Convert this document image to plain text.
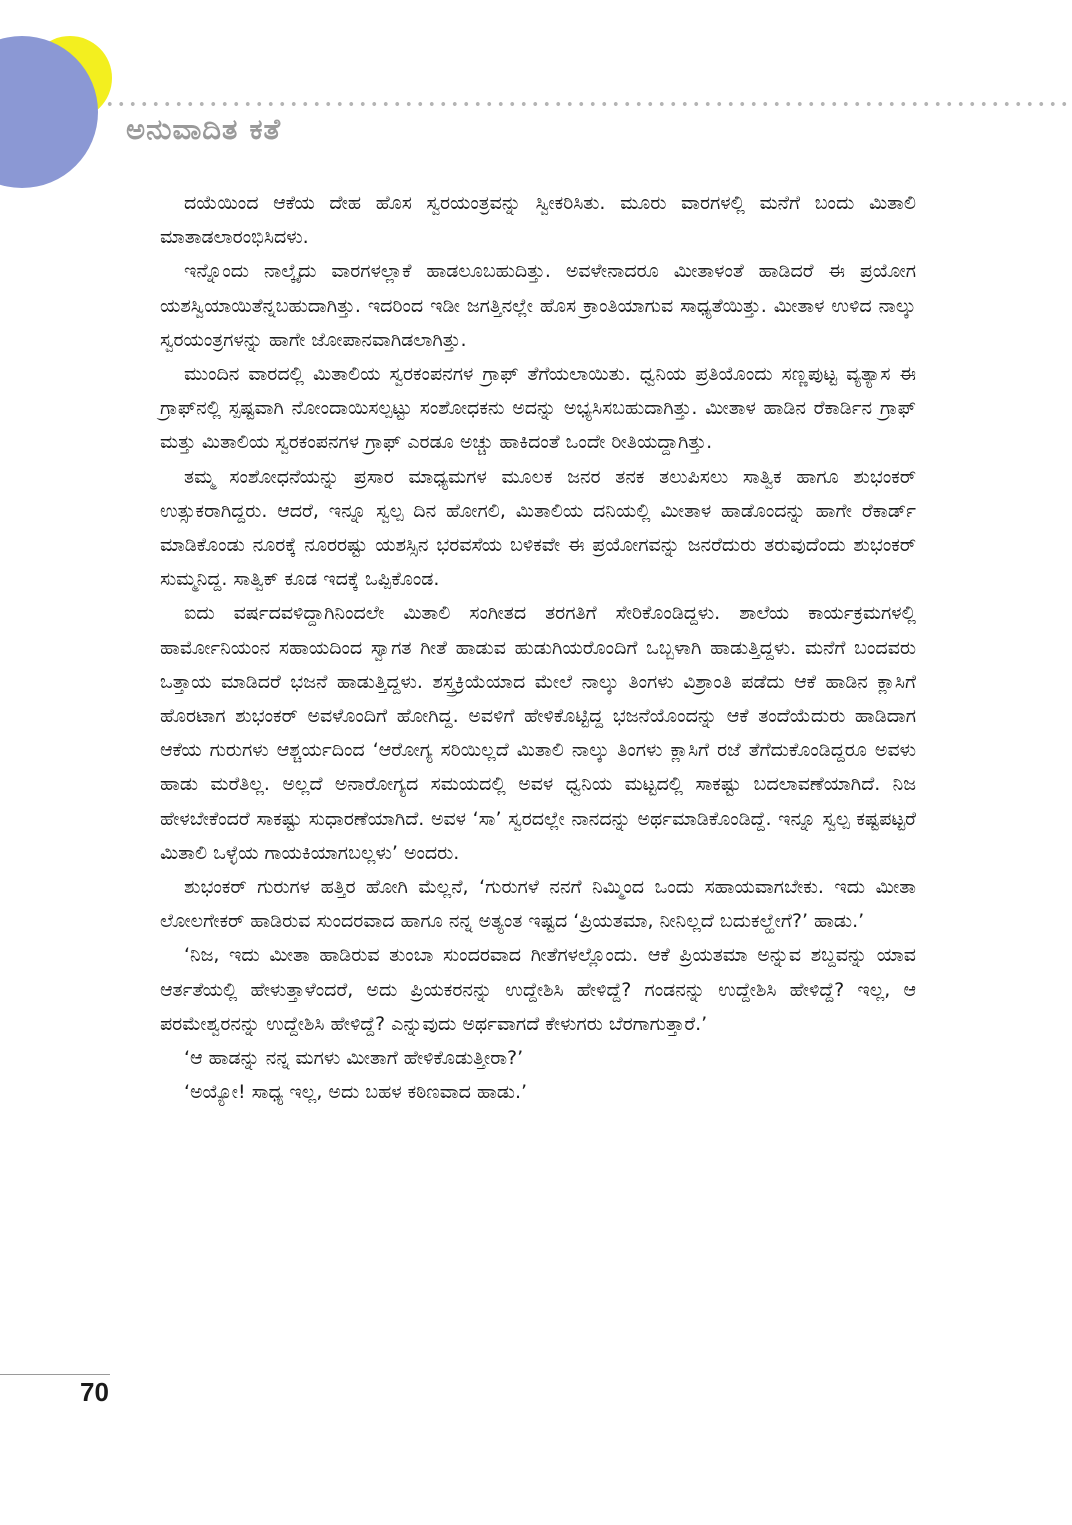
ಅನುವಾದಿತ ಕತೆ

ದಯೆಯಿಂದ ಆಕೆಯ ದೇಹ ಹೊಸ ಸ್ವರಯಂತ್ರವನ್ನು ಸ್ವೀಕರಿಸಿತು. ಮೂರು ವಾರಗಳಲ್ಲಿ ಮನೆಗೆ ಬಂದು ಮಿತಾಲಿ ಮಾತಾಡಲಾರಂಭಿಸಿದಳು.

ಇನ್ನೊಂದು ನಾಲ್ಕೈದು ವಾರಗಳಲ್ಲಾಕೆ ಹಾಡಲೂಬಹುದಿತ್ತು. ಅವಳೇನಾದರೂ ಮೀತಾಳಂತೆ ಹಾಡಿದರೆ ಈ ಪ್ರಯೋಗ ಯಶಸ್ವಿಯಾಯಿತೆನ್ನಬಹುದಾಗಿತ್ತು. ಇದರಿಂದ ಇಡೀ ಜಗತ್ತಿನಲ್ಲೇ ಹೊಸ ಕ್ರಾಂತಿಯಾಗುವ ಸಾಧ್ಯತೆಯಿತ್ತು. ಮೀತಾಳ ಉಳಿದ ನಾಲ್ಕು ಸ್ವರಯಂತ್ರಗಳನ್ನು ಹಾಗೇ ಜೋಪಾನವಾಗಿಡಲಾಗಿತ್ತು.

ಮುಂದಿನ ವಾರದಲ್ಲಿ ಮಿತಾಲಿಯ ಸ್ವರಕಂಪನಗಳ ಗ್ರಾಫ್ ತೆಗೆಯಲಾಯಿತು. ಧ್ವನಿಯ ಪ್ರತಿಯೊಂದು ಸಣ್ಣಪುಟ್ಟ ವ್ಯತ್ಯಾಸ ಈ ಗ್ರಾಫ್‌ನಲ್ಲಿ ಸ್ಪಷ್ಟವಾಗಿ ನೋಂದಾಯಿಸಲ್ಪಟ್ಟು ಸಂಶೋಧಕನು ಅದನ್ನು ಅಭ್ಯಸಿಸಬಹುದಾಗಿತ್ತು. ಮೀತಾಳ ಹಾಡಿನ ರೆಕಾರ್ಡಿನ ಗ್ರಾಫ್ ಮತ್ತು ಮಿತಾಲಿಯ ಸ್ವರಕಂಪನಗಳ ಗ್ರಾಫ್ ಎರಡೂ ಅಚ್ಚು ಹಾಕಿದಂತೆ ಒಂದೇ ರೀತಿಯದ್ದಾಗಿತ್ತು.

ತಮ್ಮ ಸಂಶೋಧನೆಯನ್ನು ಪ್ರಸಾರ ಮಾಧ್ಯಮಗಳ ಮೂಲಕ ಜನರ ತನಕ ತಲುಪಿಸಲು ಸಾತ್ವಿಕ ಹಾಗೂ ಶುಭಂಕರ್ ಉತ್ಸುಕರಾಗಿದ್ದರು. ಆದರೆ, ಇನ್ನೂ ಸ್ವಲ್ಪ ದಿನ ಹೋಗಲಿ, ಮಿತಾಲಿಯ ದನಿಯಲ್ಲಿ ಮೀತಾಳ ಹಾಡೊಂದನ್ನು ಹಾಗೇ ರೆಕಾರ್ಡ್ ಮಾಡಿಕೊಂಡು ನೂರಕ್ಕೆ ನೂರರಷ್ಟು ಯಶಸ್ಸಿನ ಭರವಸೆಯ ಬಳಿಕವೇ ಈ ಪ್ರಯೋಗವನ್ನು ಜನರೆದುರು ತರುವುದೆಂದು ಶುಭಂಕರ್ ಸುಮ್ಮನಿದ್ದ. ಸಾತ್ವಿಕ್ ಕೂಡ ಇದಕ್ಕೆ ಒಪ್ಪಿಕೊಂಡ.

ಐದು ವರ್ಷದವಳಿದ್ದಾಗಿನಿಂದಲೇ ಮಿತಾಲಿ ಸಂಗೀತದ ತರಗತಿಗೆ ಸೇರಿಕೊಂಡಿದ್ದಳು. ಶಾಲೆಯ ಕಾರ್ಯಕ್ರಮಗಳಲ್ಲಿ ಹಾರ್ಮೋನಿಯಂನ ಸಹಾಯದಿಂದ ಸ್ವಾಗತ ಗೀತೆ ಹಾಡುವ ಹುಡುಗಿಯರೊಂದಿಗೆ ಒಬ್ಬಳಾಗಿ ಹಾಡುತ್ತಿದ್ದಳು. ಮನೆಗೆ ಬಂದವರು ಒತ್ತಾಯ ಮಾಡಿದರೆ ಭಜನೆ ಹಾಡುತ್ತಿದ್ದಳು. ಶಸ್ತ್ರಕ್ರಿಯೆಯಾದ ಮೇಲೆ ನಾಲ್ಕು ತಿಂಗಳು ವಿಶ್ರಾಂತಿ ಪಡೆದು ಆಕೆ ಹಾಡಿನ ಕ್ಲಾಸಿಗೆ ಹೊರಟಾಗ ಶುಭಂಕರ್ ಅವಳೊಂದಿಗೆ ಹೋಗಿದ್ದ. ಅವಳಿಗೆ ಹೇಳಿಕೊಟ್ಟಿದ್ದ ಭಜನೆಯೊಂದನ್ನು ಆಕೆ ತಂದೆಯೆದುರು ಹಾಡಿದಾಗ ಆಕೆಯ ಗುರುಗಳು ಆಶ್ಚರ್ಯದಿಂದ ‘ಆರೋಗ್ಯ ಸರಿಯಿಲ್ಲದೆ ಮಿತಾಲಿ ನಾಲ್ಕು ತಿಂಗಳು ಕ್ಲಾಸಿಗೆ ರಜೆ ತೆಗೆದುಕೊಂಡಿದ್ದರೂ ಅವಳು ಹಾಡು ಮರೆತಿಲ್ಲ. ಅಲ್ಲದೆ ಅನಾರೋಗ್ಯದ ಸಮಯದಲ್ಲಿ ಅವಳ ಧ್ವನಿಯ ಮಟ್ಟದಲ್ಲಿ ಸಾಕಷ್ಟು ಬದಲಾವಣೆಯಾಗಿದೆ. ನಿಜ ಹೇಳಬೇಕೆಂದರೆ ಸಾಕಷ್ಟು ಸುಧಾರಣೆಯಾಗಿದೆ. ಅವಳ ‘ಸಾ’ ಸ್ವರದಲ್ಲೇ ನಾನದನ್ನು ಅರ್ಥಮಾಡಿಕೊಂಡಿದ್ದೆ. ಇನ್ನೂ ಸ್ವಲ್ಪ ಕಷ್ಟಪಟ್ಟರೆ ಮಿತಾಲಿ ಒಳ್ಳೆಯ ಗಾಯಕಿಯಾಗಬಲ್ಲಳು’ ಅಂದರು.

ಶುಭಂಕರ್ ಗುರುಗಳ ಹತ್ತಿರ ಹೋಗಿ ಮೆಲ್ಲನೆ, ‘ಗುರುಗಳೆ ನನಗೆ ನಿಮ್ಮಿಂದ ಒಂದು ಸಹಾಯವಾಗಬೇಕು. ಇದು ಮೀತಾ ಲೋಲಗೇಕರ್ ಹಾಡಿರುವ ಸುಂದರವಾದ ಹಾಗೂ ನನ್ನ ಅತ್ಯಂತ ಇಷ್ಟದ ‘ಪ್ರಿಯತಮಾ, ನೀನಿಲ್ಲದೆ ಬದುಕಲ್ಹೇಗೆ?’ ಹಾಡು.’

‘ನಿಜ, ಇದು ಮೀತಾ ಹಾಡಿರುವ ತುಂಬಾ ಸುಂದರವಾದ ಗೀತೆಗಳಲ್ಲೊಂದು. ಆಕೆ ಪ್ರಿಯತಮಾ ಅನ್ನುವ ಶಬ್ದವನ್ನು ಯಾವ ಆರ್ತತೆಯಲ್ಲಿ ಹೇಳುತ್ತಾಳೆಂದರೆ, ಅದು ಪ್ರಿಯಕರನನ್ನು ಉದ್ದೇಶಿಸಿ ಹೇಳಿದ್ದೆ? ಗಂಡನನ್ನು ಉದ್ದೇಶಿಸಿ ಹೇಳಿದ್ದೆ? ಇಲ್ಲ, ಆ ಪರಮೇಶ್ವರನನ್ನು ಉದ್ದೇಶಿಸಿ ಹೇಳಿದ್ದೆ? ಎನ್ನುವುದು ಅರ್ಥವಾಗದೆ ಕೇಳುಗರು ಬೆರಗಾಗುತ್ತಾರೆ.’

‘ಆ ಹಾಡನ್ನು ನನ್ನ ಮಗಳು ಮೀತಾಗೆ ಹೇಳಿಕೊಡುತ್ತೀರಾ?’

‘ಅಯ್ಯೋ! ಸಾಧ್ಯ ಇಲ್ಲ, ಅದು ಬಹಳ ಕಠಿಣವಾದ ಹಾಡು.’

70
